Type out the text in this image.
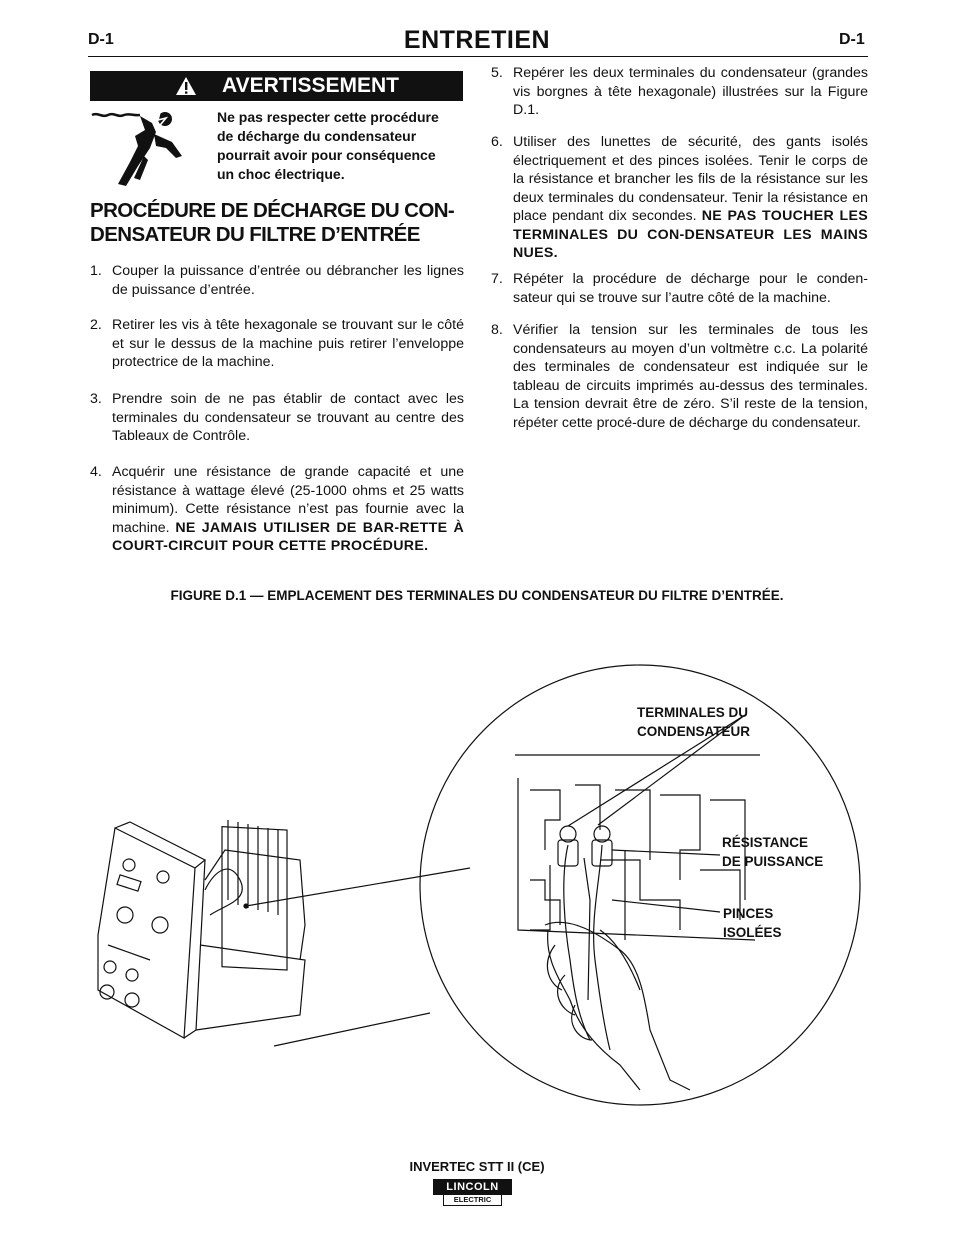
D-1	ENTRETIEN	D-1
AVERTISSEMENT
Ne pas respecter cette procédure
de décharge du condensateur
pourrait avoir pour conséquence
un choc électrique.
PROCÉDURE DE DÉCHARGE DU CON-
DENSATEUR DU FILTRE D’ENTRÉE
1. Couper la puissance d’entrée ou débrancher les lignes de puissance d’entrée.
2. Retirer les vis à tête hexagonale se trouvant sur le côté et sur le dessus de la machine puis retirer l’enveloppe protectrice de la machine.
3. Prendre soin de ne pas établir de contact avec les terminales du condensateur se trouvant au centre des Tableaux de Contrôle.
4. Acquérir une résistance de grande capacité et une résistance à wattage élevé (25-1000 ohms et 25 watts minimum). Cette résistance n’est pas fournie avec la machine. NE JAMAIS UTILISER DE BAR-RETTE À COURT-CIRCUIT POUR CETTE PROCÉDURE.
5. Repérer les deux terminales du condensateur (grandes vis borgnes à tête hexagonale) illustrées sur la Figure D.1.
6. Utiliser des lunettes de sécurité, des gants isolés électriquement et des pinces isolées. Tenir le corps de la résistance et brancher les fils de la résistance sur les deux terminales du condensateur. Tenir la résistance en place pendant dix secondes. NE PAS TOUCHER LES TERMINALES DU CON-DENSATEUR LES MAINS NUES.
7. Répéter la procédure de décharge pour le conden-sateur qui se trouve sur l’autre côté de la machine.
8. Vérifier la tension sur les terminales de tous les condensateurs au moyen d’un voltmètre c.c. La polarité des terminales de condensateur est indiquée sur le tableau de circuits imprimés au-dessus des terminales. La tension devrait être de zéro. S’il reste de la tension, répéter cette procé-dure de décharge du condensateur.
FIGURE D.1 — EMPLACEMENT DES TERMINALES DU CONDENSATEUR DU FILTRE D’ENTRÉE.
TERMINALES DU
CONDENSATEUR
RÉSISTANCE
DE PUISSANCE
PINCES
ISOLÉES
INVERTEC STT II (CE)
LINCOLN
ELECTRIC
